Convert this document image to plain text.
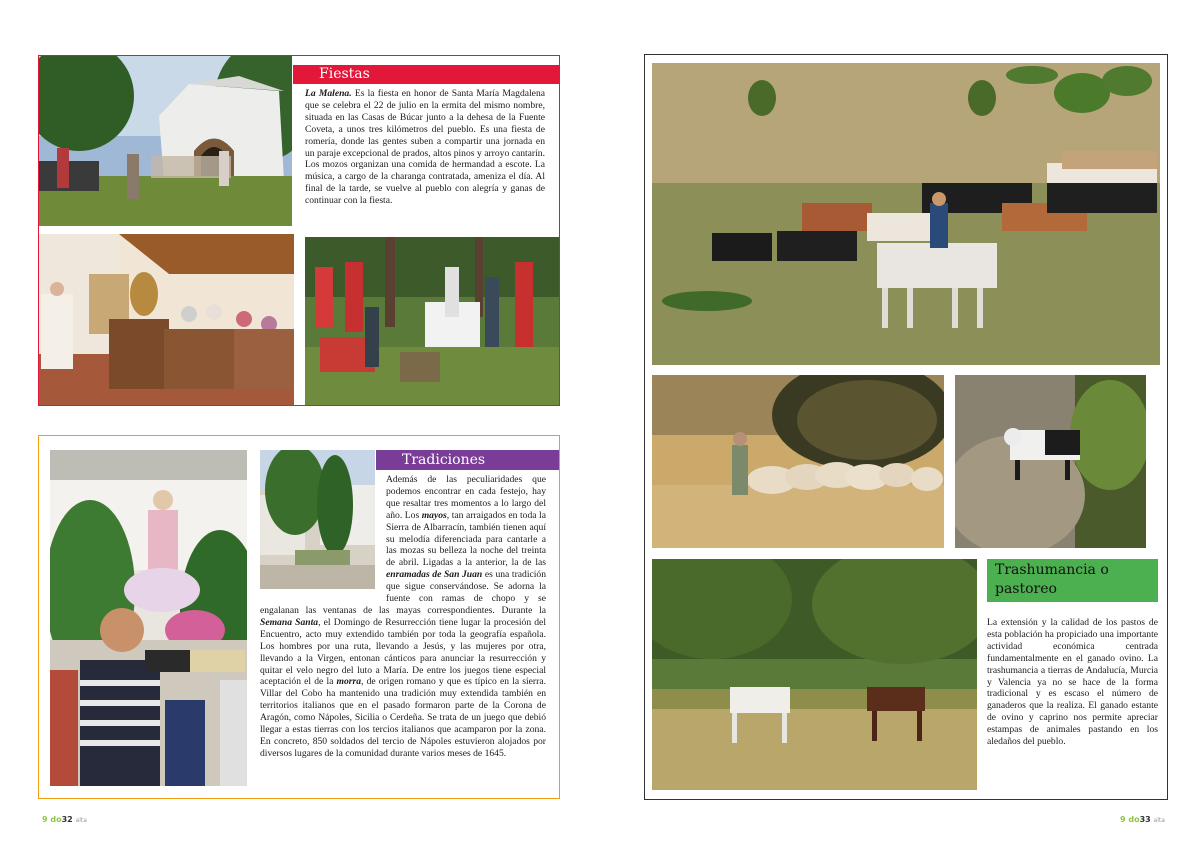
Fiestas

La Malena. Es la fiesta en honor de Santa María Magdalena que se celebra el 22 de julio en la ermita del mismo nombre, situada en las Casas de Búcar junto a la dehesa de la Fuente Coveta, a unos tres kilómetros del pueblo. Es una fiesta de romería, donde las gentes suben a compartir una jornada en un paraje excepcional de prados, altos pinos y arroyo cantarín. Los mozos organizan una comida de hermandad a escote. La música, a cargo de la charanga contratada, ameniza el día. Al final de la tarde, se vuelve al pueblo con alegría y ganas de continuar con la fiesta.

Tradiciones

Además de las peculiaridades que podemos encontrar en cada festejo, hay que resaltar tres momentos a lo largo del año. Los mayos, tan arraigados en toda la Sierra de Albarracín, también tienen aquí su melodía diferenciada para cantarle a las mozas su belleza la noche del treinta de abril. Ligadas a la anterior, la de las enramadas de San Juan es una tradición que sigue conservándose. Se adorna la fuente con ramas de chopo y se engalanan las ventanas de las mayas correspondientes. Durante la Semana Santa, el Domingo de Resurrección tiene lugar la procesión del Encuentro, acto muy extendido también por toda la geografía española. Los hombres por una ruta, llevando a Jesús, y las mujeres por otra, llevando a la Virgen, entonan cánticos para anunciar la resurrección y quitar el velo negro del luto a María. De entre los juegos tiene especial aceptación el de la morra, de origen romano y que es típico en la sierra. Villar del Cobo ha mantenido una tradición muy extendida también en territorios italianos que en el pasado formaron parte de la Corona de Aragón, como Nápoles, Sicilia o Cerdeña. Se trata de un juego que debió llegar a estas tierras con los tercios italianos que acamparon por la zona. En concreto, 850 soldados del tercio de Nápoles estuvieron alojados por diversos lugares de la comunidad durante varios meses de 1645.

9 do32 alta
Trashumancia o pastoreo

La extensión y la calidad de los pastos de esta población ha propiciado una importante actividad económica centrada fundamentalmente en el ganado ovino. La trashumancia a tierras de Andalucía, Murcia y Valencia ya no se hace de la forma tradicional y es escaso el número de ganaderos que la realiza. El ganado estante de ovino y caprino nos permite apreciar estampas de animales pastando en los aledaños del pueblo.

9 do33 alta
